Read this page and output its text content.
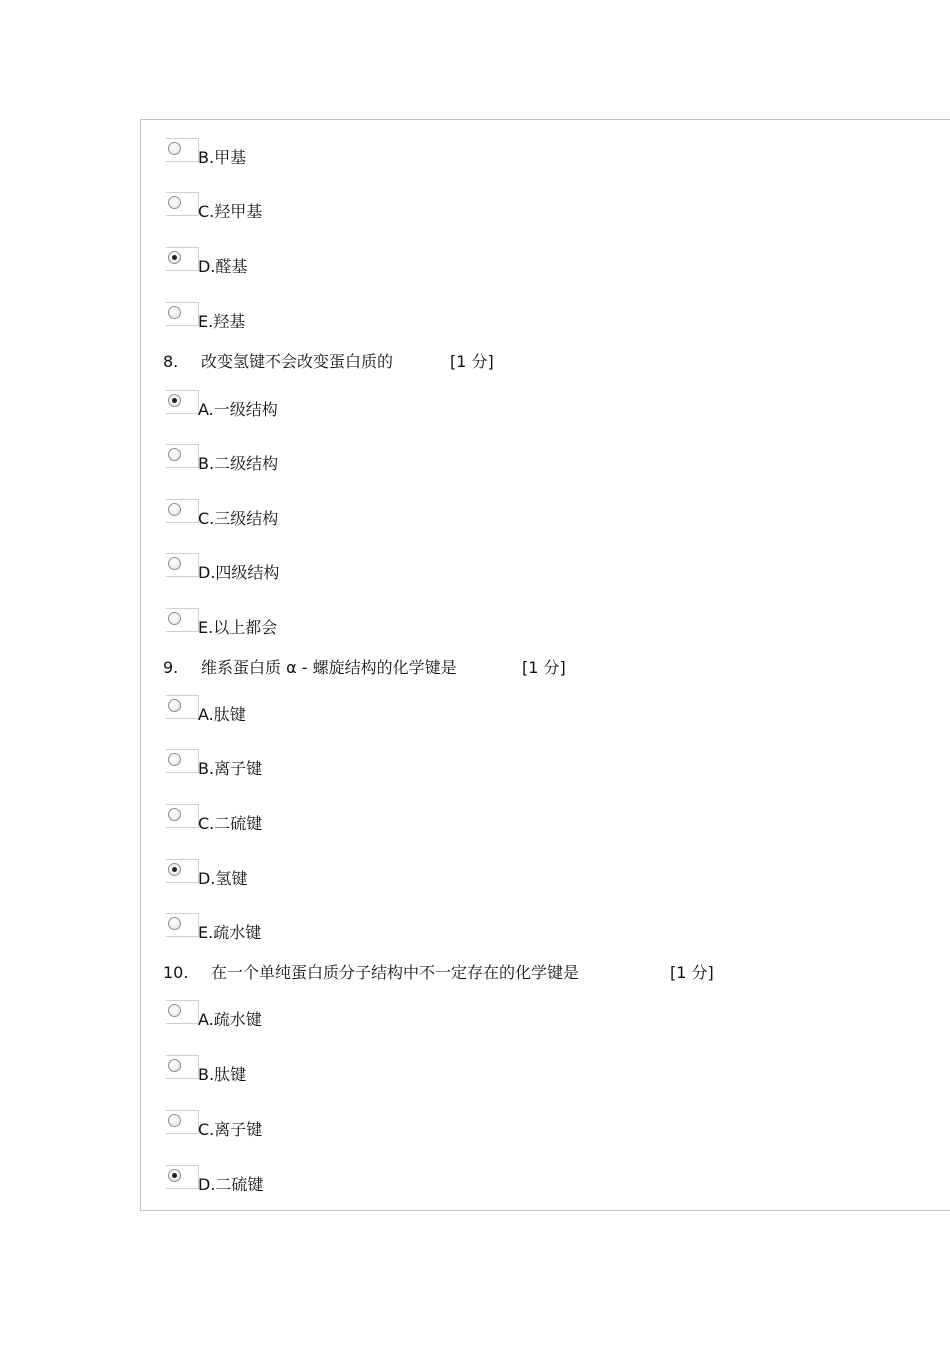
B.甲基
C.羟甲基
D.醛基
E.羟基
8. 改变氢键不会改变蛋白质的	[1 分]
A.一级结构
B.二级结构
C.三级结构
D.四级结构
E.以上都会
9. 维系蛋白质 α - 螺旋结构的化学键是	[1 分]
A.肽键
B.离子键
C.二硫键
D.氢键
E.疏水键
10. 在一个单纯蛋白质分子结构中不一定存在的化学键是	[1 分]
A.疏水键
B.肽键
C.离子键
D.二硫键
